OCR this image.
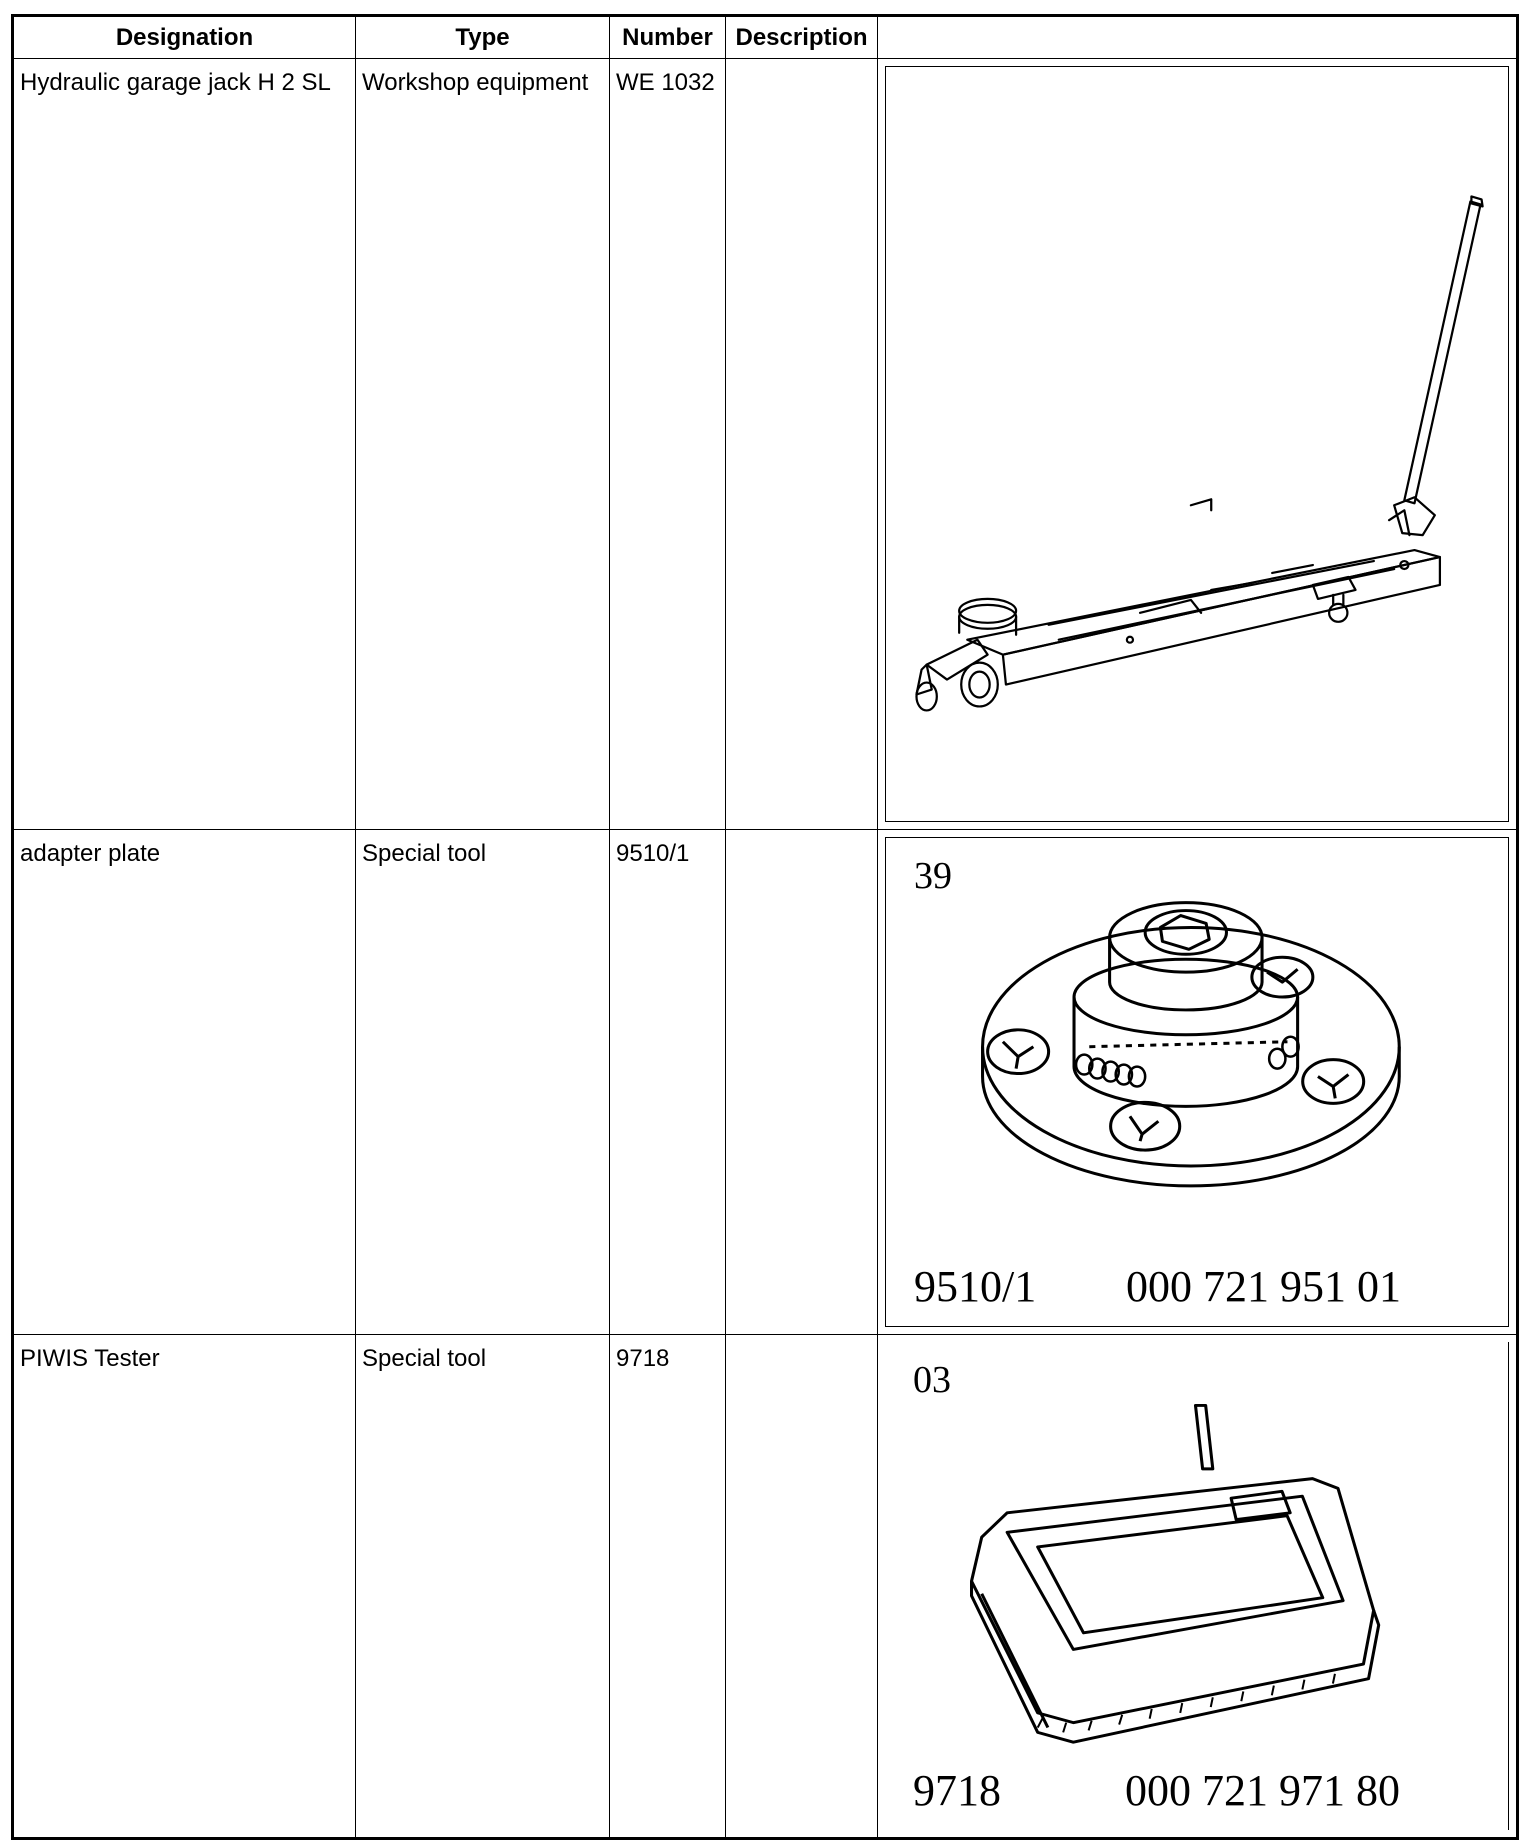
Designation	Type	Number	Description	
Hydraulic garage jack H 2 SL	Workshop equipment	WE 1032		

adapter plate	Special tool	9510/1		39
9510/1 000 721 951 01

PIWIS Tester	Special tool	9718		03
9718 000 721 971 80
